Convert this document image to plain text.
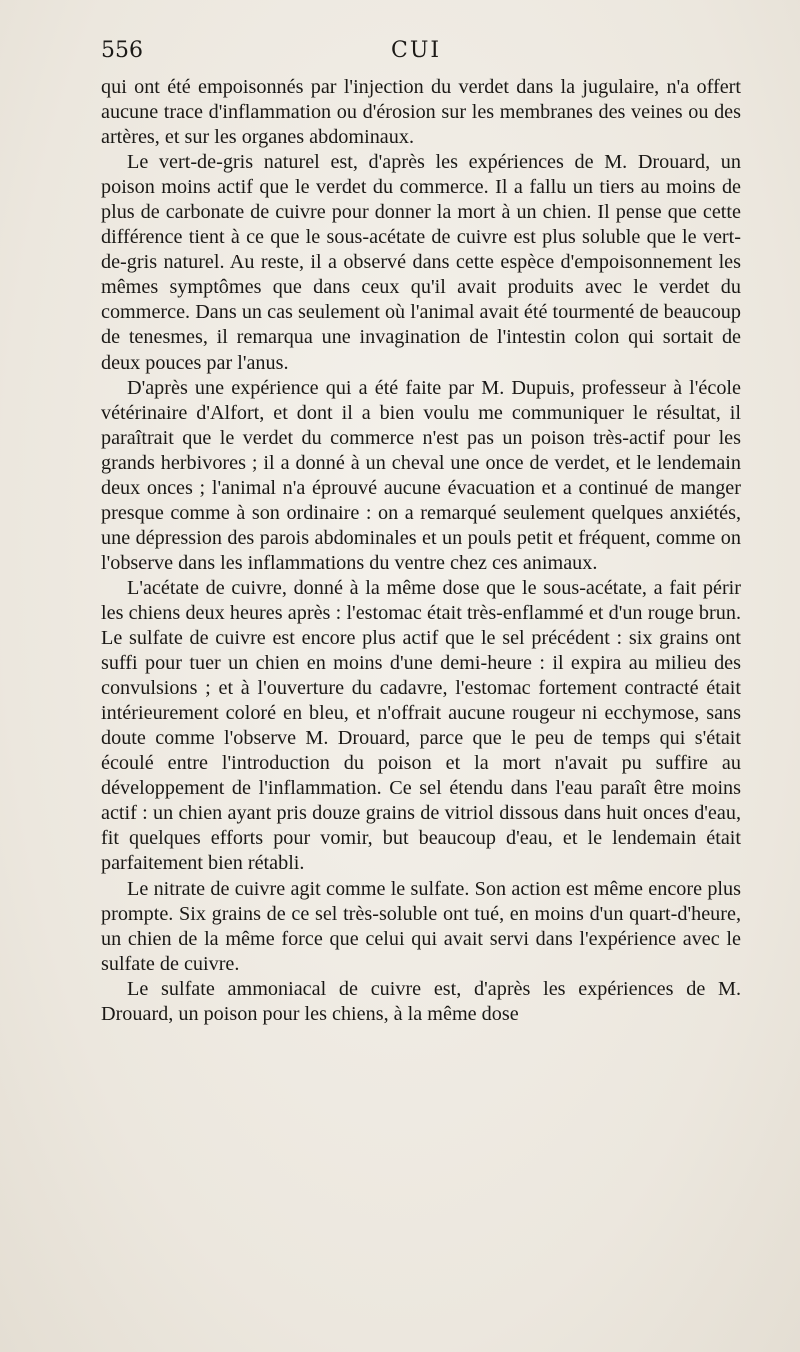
556	CUI

qui ont été empoisonnés par l'injection du verdet dans la jugulaire, n'a offert aucune trace d'inflammation ou d'érosion sur les membranes des veines ou des artères, et sur les organes abdominaux.

Le vert-de-gris naturel est, d'après les expériences de M. Drouard, un poison moins actif que le verdet du commerce. Il a fallu un tiers au moins de plus de carbonate de cuivre pour donner la mort à un chien. Il pense que cette différence tient à ce que le sous-acétate de cuivre est plus soluble que le vert-de-gris naturel. Au reste, il a observé dans cette espèce d'empoisonnement les mêmes symptômes que dans ceux qu'il avait produits avec le verdet du commerce. Dans un cas seulement où l'animal avait été tourmenté de beaucoup de tenesmes, il remarqua une invagination de l'intestin colon qui sortait de deux pouces par l'anus.

D'après une expérience qui a été faite par M. Dupuis, professeur à l'école vétérinaire d'Alfort, et dont il a bien voulu me communiquer le résultat, il paraîtrait que le verdet du commerce n'est pas un poison très-actif pour les grands herbivores ; il a donné à un cheval une once de verdet, et le lendemain deux onces ; l'animal n'a éprouvé aucune évacuation et a continué de manger presque comme à son ordinaire : on a remarqué seulement quelques anxiétés, une dépression des parois abdominales et un pouls petit et fréquent, comme on l'observe dans les inflammations du ventre chez ces animaux.

L'acétate de cuivre, donné à la même dose que le sous-acétate, a fait périr les chiens deux heures après : l'estomac était très-enflammé et d'un rouge brun. Le sulfate de cuivre est encore plus actif que le sel précédent : six grains ont suffi pour tuer un chien en moins d'une demi-heure : il expira au milieu des convulsions ; et à l'ouverture du cadavre, l'estomac fortement contracté était intérieurement coloré en bleu, et n'offrait aucune rougeur ni ecchymose, sans doute comme l'observe M. Drouard, parce que le peu de temps qui s'était écoulé entre l'introduction du poison et la mort n'avait pu suffire au développement de l'inflammation. Ce sel étendu dans l'eau paraît être moins actif : un chien ayant pris douze grains de vitriol dissous dans huit onces d'eau, fit quelques efforts pour vomir, but beaucoup d'eau, et le lendemain était parfaitement bien rétabli.

Le nitrate de cuivre agit comme le sulfate. Son action est même encore plus prompte. Six grains de ce sel très-soluble ont tué, en moins d'un quart-d'heure, un chien de la même force que celui qui avait servi dans l'expérience avec le sulfate de cuivre.

Le sulfate ammoniacal de cuivre est, d'après les expériences de M. Drouard, un poison pour les chiens, à la même dose
